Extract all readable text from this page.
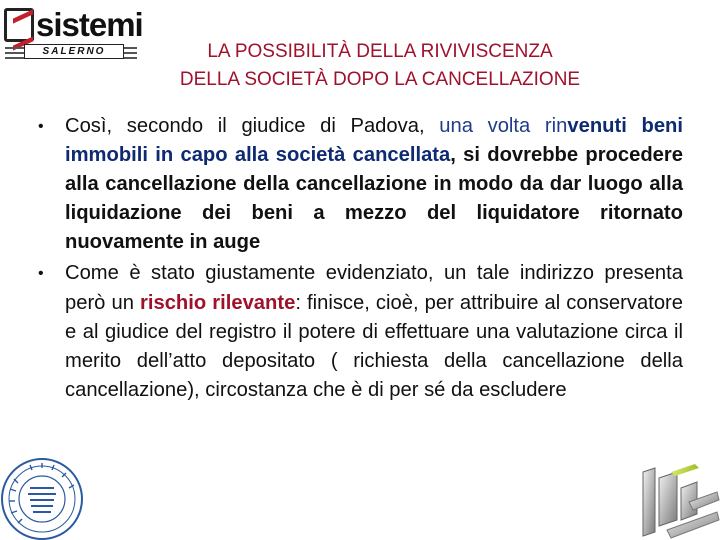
sistemi
SALERNO	LA POSSIBILITÀ DELLA RIVIVISCENZA
DELLA SOCIETÀ DOPO LA CANCELLAZIONE
• Così, secondo il giudice di Padova, una volta rinvenuti beni immobili in capo alla società cancellata, si dovrebbe procedere alla cancellazione della cancellazione in modo da dar luogo alla liquidazione dei beni a mezzo del liquidatore ritornato nuovamente in auge
• Come è stato giustamente evidenziato, un tale indirizzo presenta però un rischio rilevante: finisce, cioè, per attribuire al conservatore e al giudice del registro il potere di effettuare una valutazione circa il merito dell’atto depositato ( richiesta della cancellazione della cancellazione), circostanza che è di per sé da escludere
